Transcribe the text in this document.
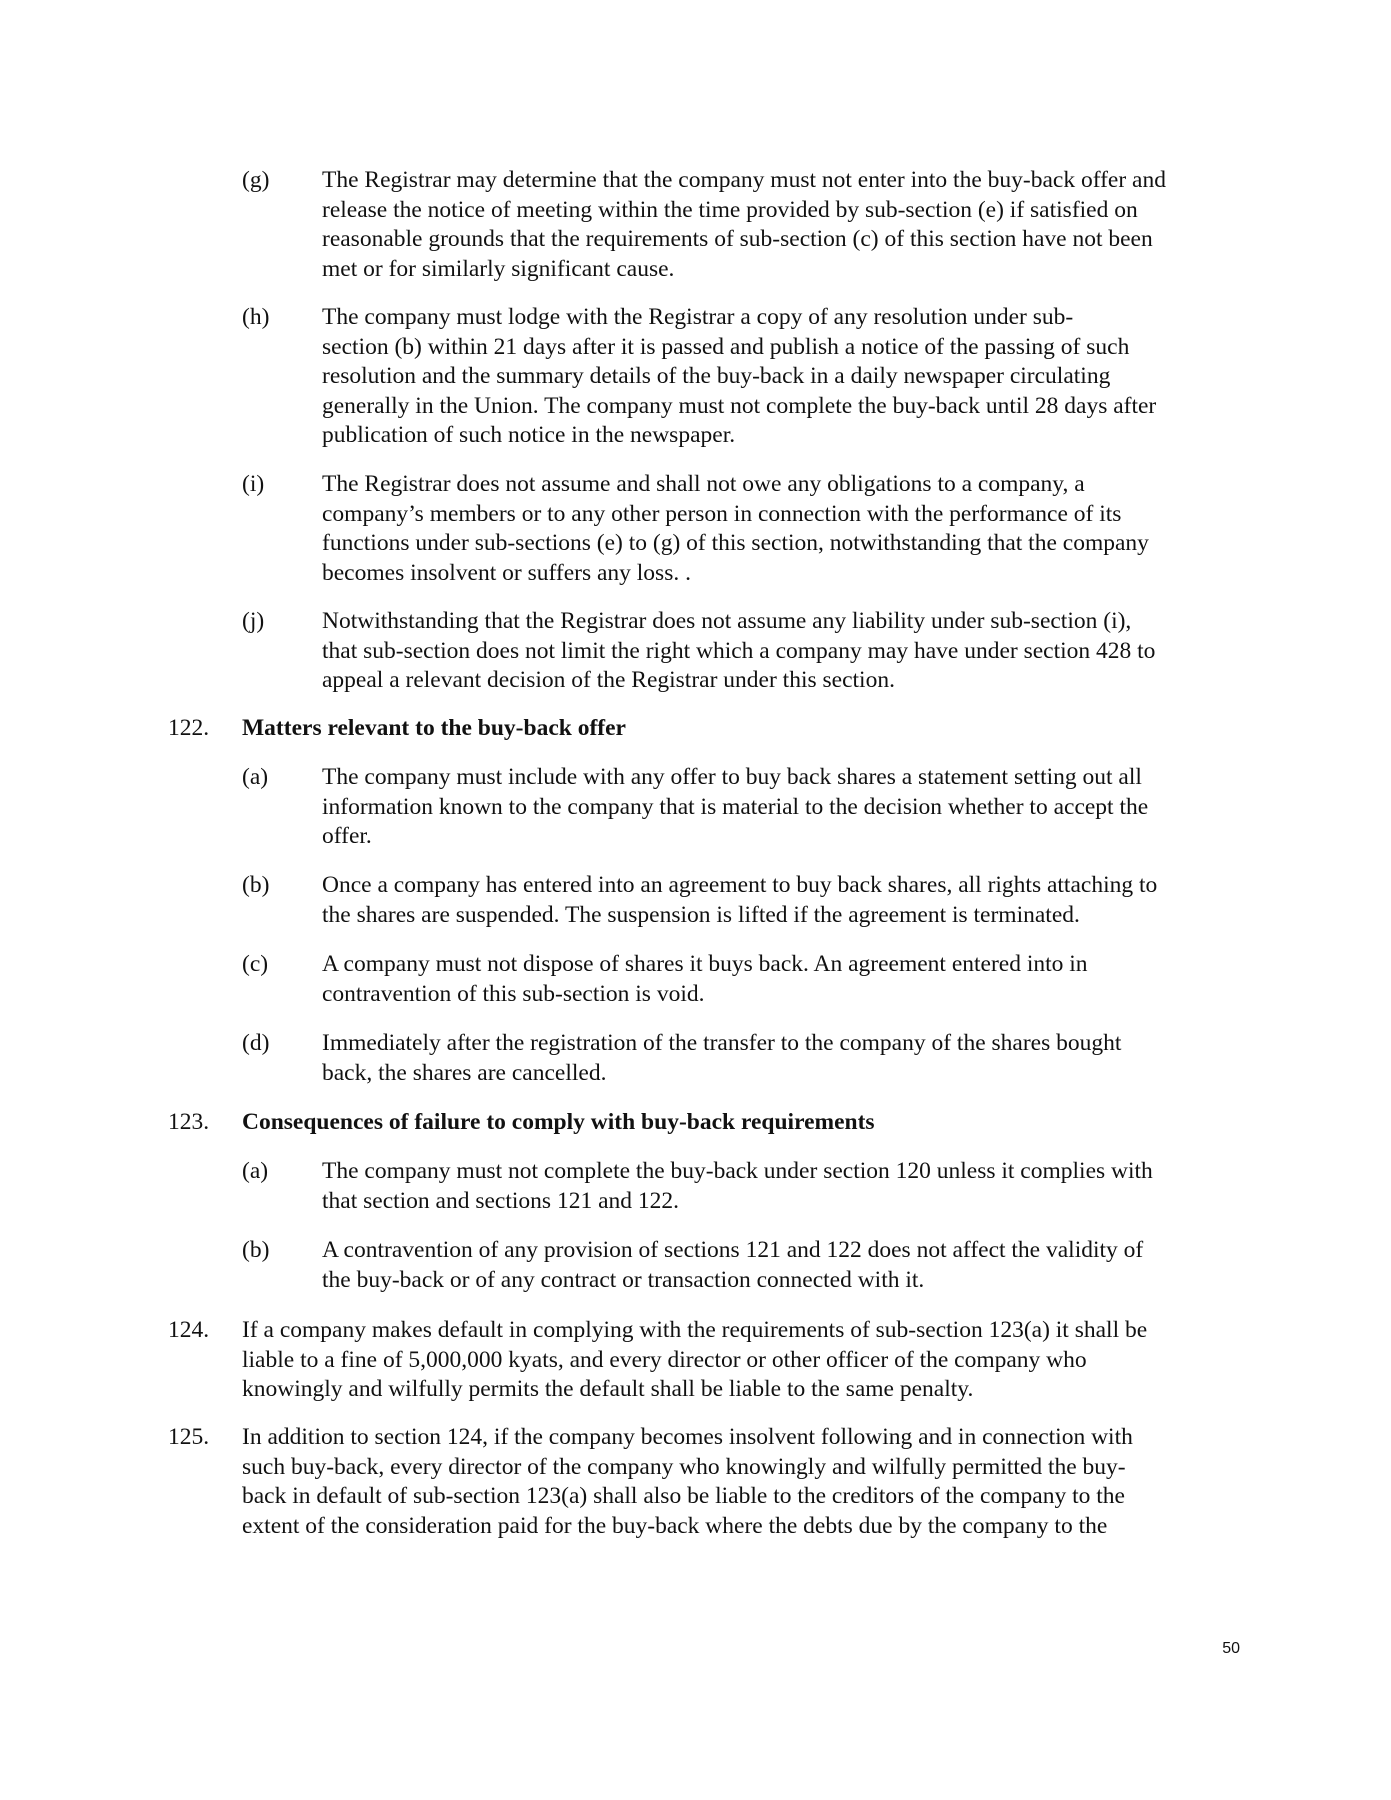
(g) The Registrar may determine that the company must not enter into the buy-back offer and
release the notice of meeting within the time provided by sub-section (e) if satisfied on
reasonable grounds that the requirements of sub-section (c) of this section have not been
met or for similarly significant cause.
(h) The company must lodge with the Registrar a copy of any resolution under sub-
section (b) within 21 days after it is passed and publish a notice of the passing of such
resolution and the summary details of the buy-back in a daily newspaper circulating
generally in the Union. The company must not complete the buy-back until 28 days after
publication of such notice in the newspaper.
(i) The Registrar does not assume and shall not owe any obligations to a company, a
company’s members or to any other person in connection with the performance of its
functions under sub-sections (e) to (g) of this section, notwithstanding that the company
becomes insolvent or suffers any loss. .
(j) Notwithstanding that the Registrar does not assume any liability under sub-section (i),
that sub-section does not limit the right which a company may have under section 428 to
appeal a relevant decision of the Registrar under this section.
122. Matters relevant to the buy-back offer
(a) The company must include with any offer to buy back shares a statement setting out all
information known to the company that is material to the decision whether to accept the
offer.
(b) Once a company has entered into an agreement to buy back shares, all rights attaching to
the shares are suspended. The suspension is lifted if the agreement is terminated.
(c) A company must not dispose of shares it buys back. An agreement entered into in
contravention of this sub-section is void.
(d) Immediately after the registration of the transfer to the company of the shares bought
back, the shares are cancelled.
123. Consequences of failure to comply with buy-back requirements
(a) The company must not complete the buy-back under section 120 unless it complies with
that section and sections 121 and 122.
(b) A contravention of any provision of sections 121 and 122 does not affect the validity of
the buy-back or of any contract or transaction connected with it.
124. If a company makes default in complying with the requirements of sub-section 123(a) it shall be
liable to a fine of 5,000,000 kyats, and every director or other officer of the company who
knowingly and wilfully permits the default shall be liable to the same penalty.
125. In addition to section 124, if the company becomes insolvent following and in connection with
such buy-back, every director of the company who knowingly and wilfully permitted the buy-
back in default of sub-section 123(a) shall also be liable to the creditors of the company to the
extent of the consideration paid for the buy-back where the debts due by the company to the
50
